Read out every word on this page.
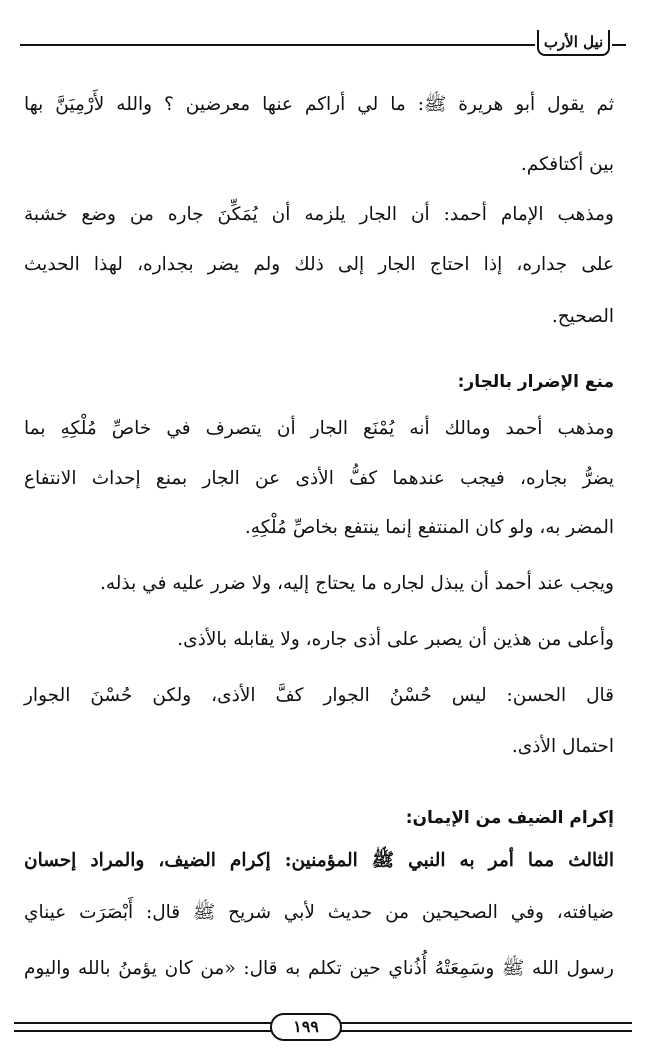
نيل الأرب
ثم يقول أبو هريرة ﷺ: ما لي أراكم عنها معرضين ؟ والله لأَرْمِيَنَّ بها
بين أكتافكم.
ومذهب الإمام أحمد: أن الجار يلزمه أن يُمَكِّنَ جاره من وضع خشبة
على جداره، إذا احتاج الجار إلى ذلك ولم يضر بجداره، لهذا الحديث
الصحيح.
منع الإضرار بالجار:
ومذهب أحمد ومالك أنه يُمْنَع الجار أن يتصرف في خاصِّ مُلْكِهِ بما
يضرُّ بجاره، فيجب عندهما كفُّ الأذى عن الجار بمنع إحداث الانتفاع
المضر به، ولو كان المنتفع إنما ينتفع بخاصِّ مُلْكِهِ.
ويجب عند أحمد أن يبذل لجاره ما يحتاج إليه، ولا ضرر عليه في بذله.
وأعلى من هذين أن يصبر على أذى جاره، ولا يقابله بالأذى.
قال الحسن: ليس حُسْنُ الجوار كفَّ الأذى، ولكن حُسْنَ الجوار
احتمال الأذى.
إكرام الضيف من الإيمان:
الثالث مما أمر به النبي ﷺ المؤمنين: إكرام الضيف، والمراد إحسان
ضيافته، وفي الصحيحين من حديث لأبي شريح ﷺ قال: أَبْصَرَت عيناي
رسول الله ﷺ وسَمِعَتْهُ أُذُناي حين تكلم به قال: «من كان يؤمنُ بالله واليوم
١٩٩
